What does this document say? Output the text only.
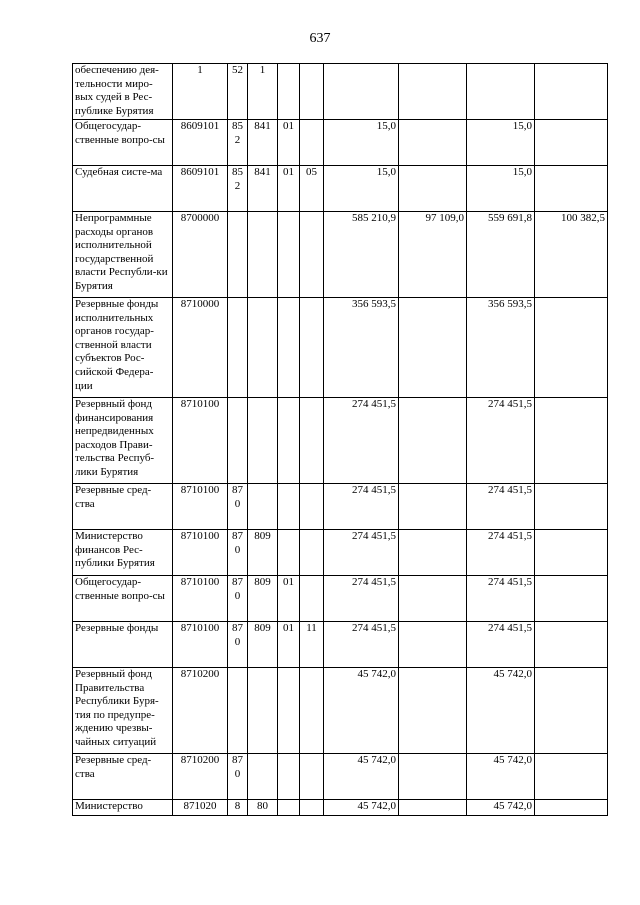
637
обеспечению дея-тельности миро-вых судей в Рес-публике Бурятия	1	52	1						
Общегосудар-ственные вопро-сы	8609101	852	841	01		15,0		15,0	
Судебная систе-ма	8609101	852	841	01	05	15,0		15,0	
Непрограммные расходы органов исполнительной государственной власти Республи-ки Бурятия	8700000					585 210,9	97 109,0	559 691,8	100 382,5
Резервные фонды исполнительных органов государ-ственной власти субъектов Рос-сийской Федера-ции	8710000					356 593,5		356 593,5	
Резервный фонд финансирования непредвиденных расходов Прави-тельства Респуб-лики Бурятия	8710100					274 451,5		274 451,5	
Резервные сред-ства	8710100	870				274 451,5		274 451,5	
Министерство финансов Рес-публики Бурятия	8710100	870	809			274 451,5		274 451,5	
Общегосудар-ственные вопро-сы	8710100	870	809	01		274 451,5		274 451,5	
Резервные фонды	8710100	870	809	01	11	274 451,5		274 451,5	
Резервный фонд Правительства Республики Буря-тия по предупре-ждению чрезвы-чайных ситуаций	8710200					45 742,0		45 742,0	
Резервные сред-ства	8710200	870				45 742,0		45 742,0	
Министерство	871020	8	80			45 742,0		45 742,0	
